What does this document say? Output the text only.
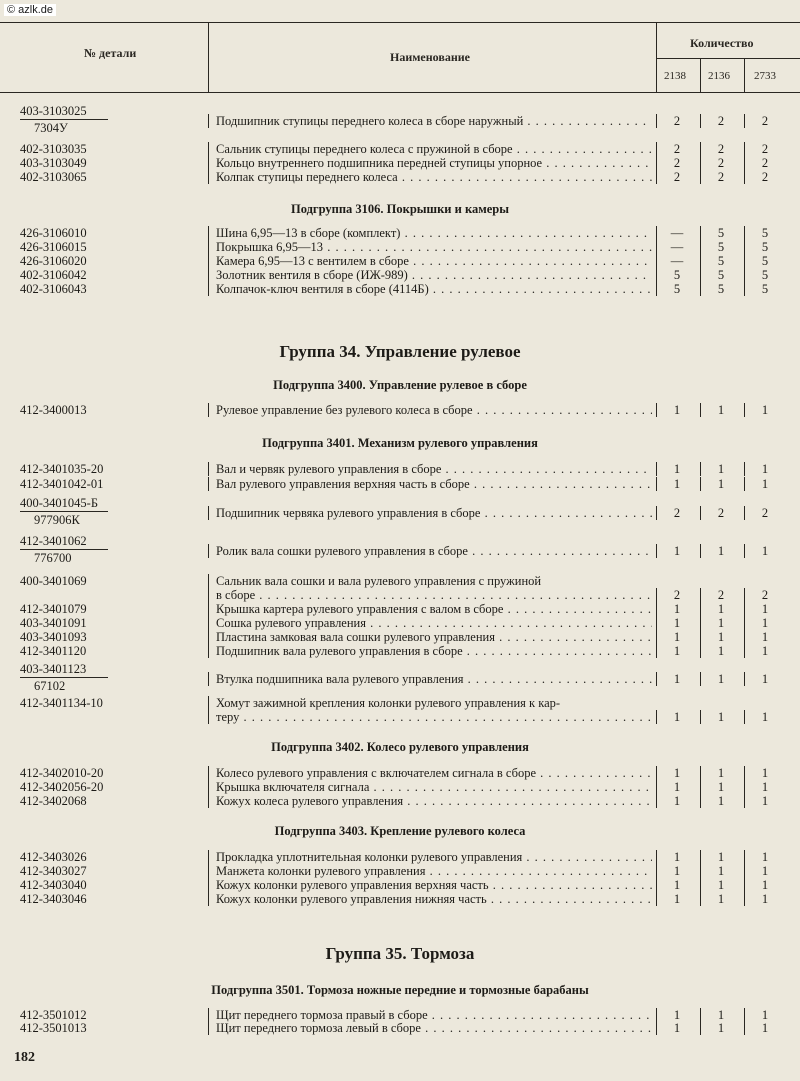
© azlk.de
№ детали	Наименование
Количество
2138 2136 2733
403-3103025
7304У	Подшипник ступицы переднего колеса в сборе наружный . . .	2	2	2
402-3103035	Сальник ступицы переднего колеса с пружиной в сборе . . .	2	2	2
403-3103049	Кольцо внутреннего подшипника передней ступицы упорное . . .	2	2	2
402-3103065	Колпак ступицы переднего колеса . . .	2	2	2
Подгруппа 3106. Покрышки и камеры
426-3106010	Шина 6,95—13 в сборе (комплект) . . .	—	5	5
426-3106015	Покрышка 6,95—13 . . .	—	5	5
426-3106020	Камера 6,95—13 с вентилем в сборе . . .	—	5	5
402-3106042	Золотник вентиля в сборе (ИЖ-989) . . .	5	5	5
402-3106043	Колпачок-ключ вентиля в сборе (4114Б) . . .	5	5	5
Группа 34. Управление рулевое
Подгруппа 3400. Управление рулевое в сборе
412-3400013	Рулевое управление без рулевого колеса в сборе . . .	1	1	1
Подгруппа 3401. Механизм рулевого управления
412-3401035-20	Вал и червяк рулевого управления в сборе . . .	1	1	1
412-3401042-01	Вал рулевого управления верхняя часть в сборе . . .	1	1	1
400-3401045-Б
977906К	Подшипник червяка рулевого управления в сборе . . .	2	2	2
412-3401062
776700	Ролик вала сошки рулевого управления в сборе . . .	1	1	1
400-3401069	Сальник вала сошки и вала рулевого управления с пружиной
в сборе . . .	2	2	2
412-3401079	Крышка картера рулевого управления с валом в сборе . . .	1	1	1
403-3401091	Сошка рулевого управления . . .	1	1	1
403-3401093	Пластина замковая вала сошки рулевого управления . . .	1	1	1
412-3401120	Подшипник вала рулевого управления в сборе . . .	1	1	1
403-3401123
67102	Втулка подшипника вала рулевого управления . . .	1	1	1
412-3401134-10	Хомут зажимной крепления колонки рулевого управления к кар-
теру . . .	1	1	1
Подгруппа 3402. Колесо рулевого управления
412-3402010-20	Колесо рулевого управления с включателем сигнала в сборе . . .	1	1	1
412-3402056-20	Крышка включателя сигнала . . .	1	1	1
412-3402068	Кожух колеса рулевого управления . . .	1	1	1
Подгруппа 3403. Крепление рулевого колеса
412-3403026	Прокладка уплотнительная колонки рулевого управления . . .	1	1	1
412-3403027	Манжета колонки рулевого управления . . .	1	1	1
412-3403040	Кожух колонки рулевого управления верхняя часть . . .	1	1	1
412-3403046	Кожух колонки рулевого управления нижняя часть . . .	1	1	1
Группа 35. Тормоза
Подгруппа 3501. Тормоза ножные передние и тормозные барабаны
412-3501012	Щит переднего тормоза правый в сборе . . .	1	1	1
412-3501013	Щит переднего тормоза левый в сборе . . .	1	1	1
182
